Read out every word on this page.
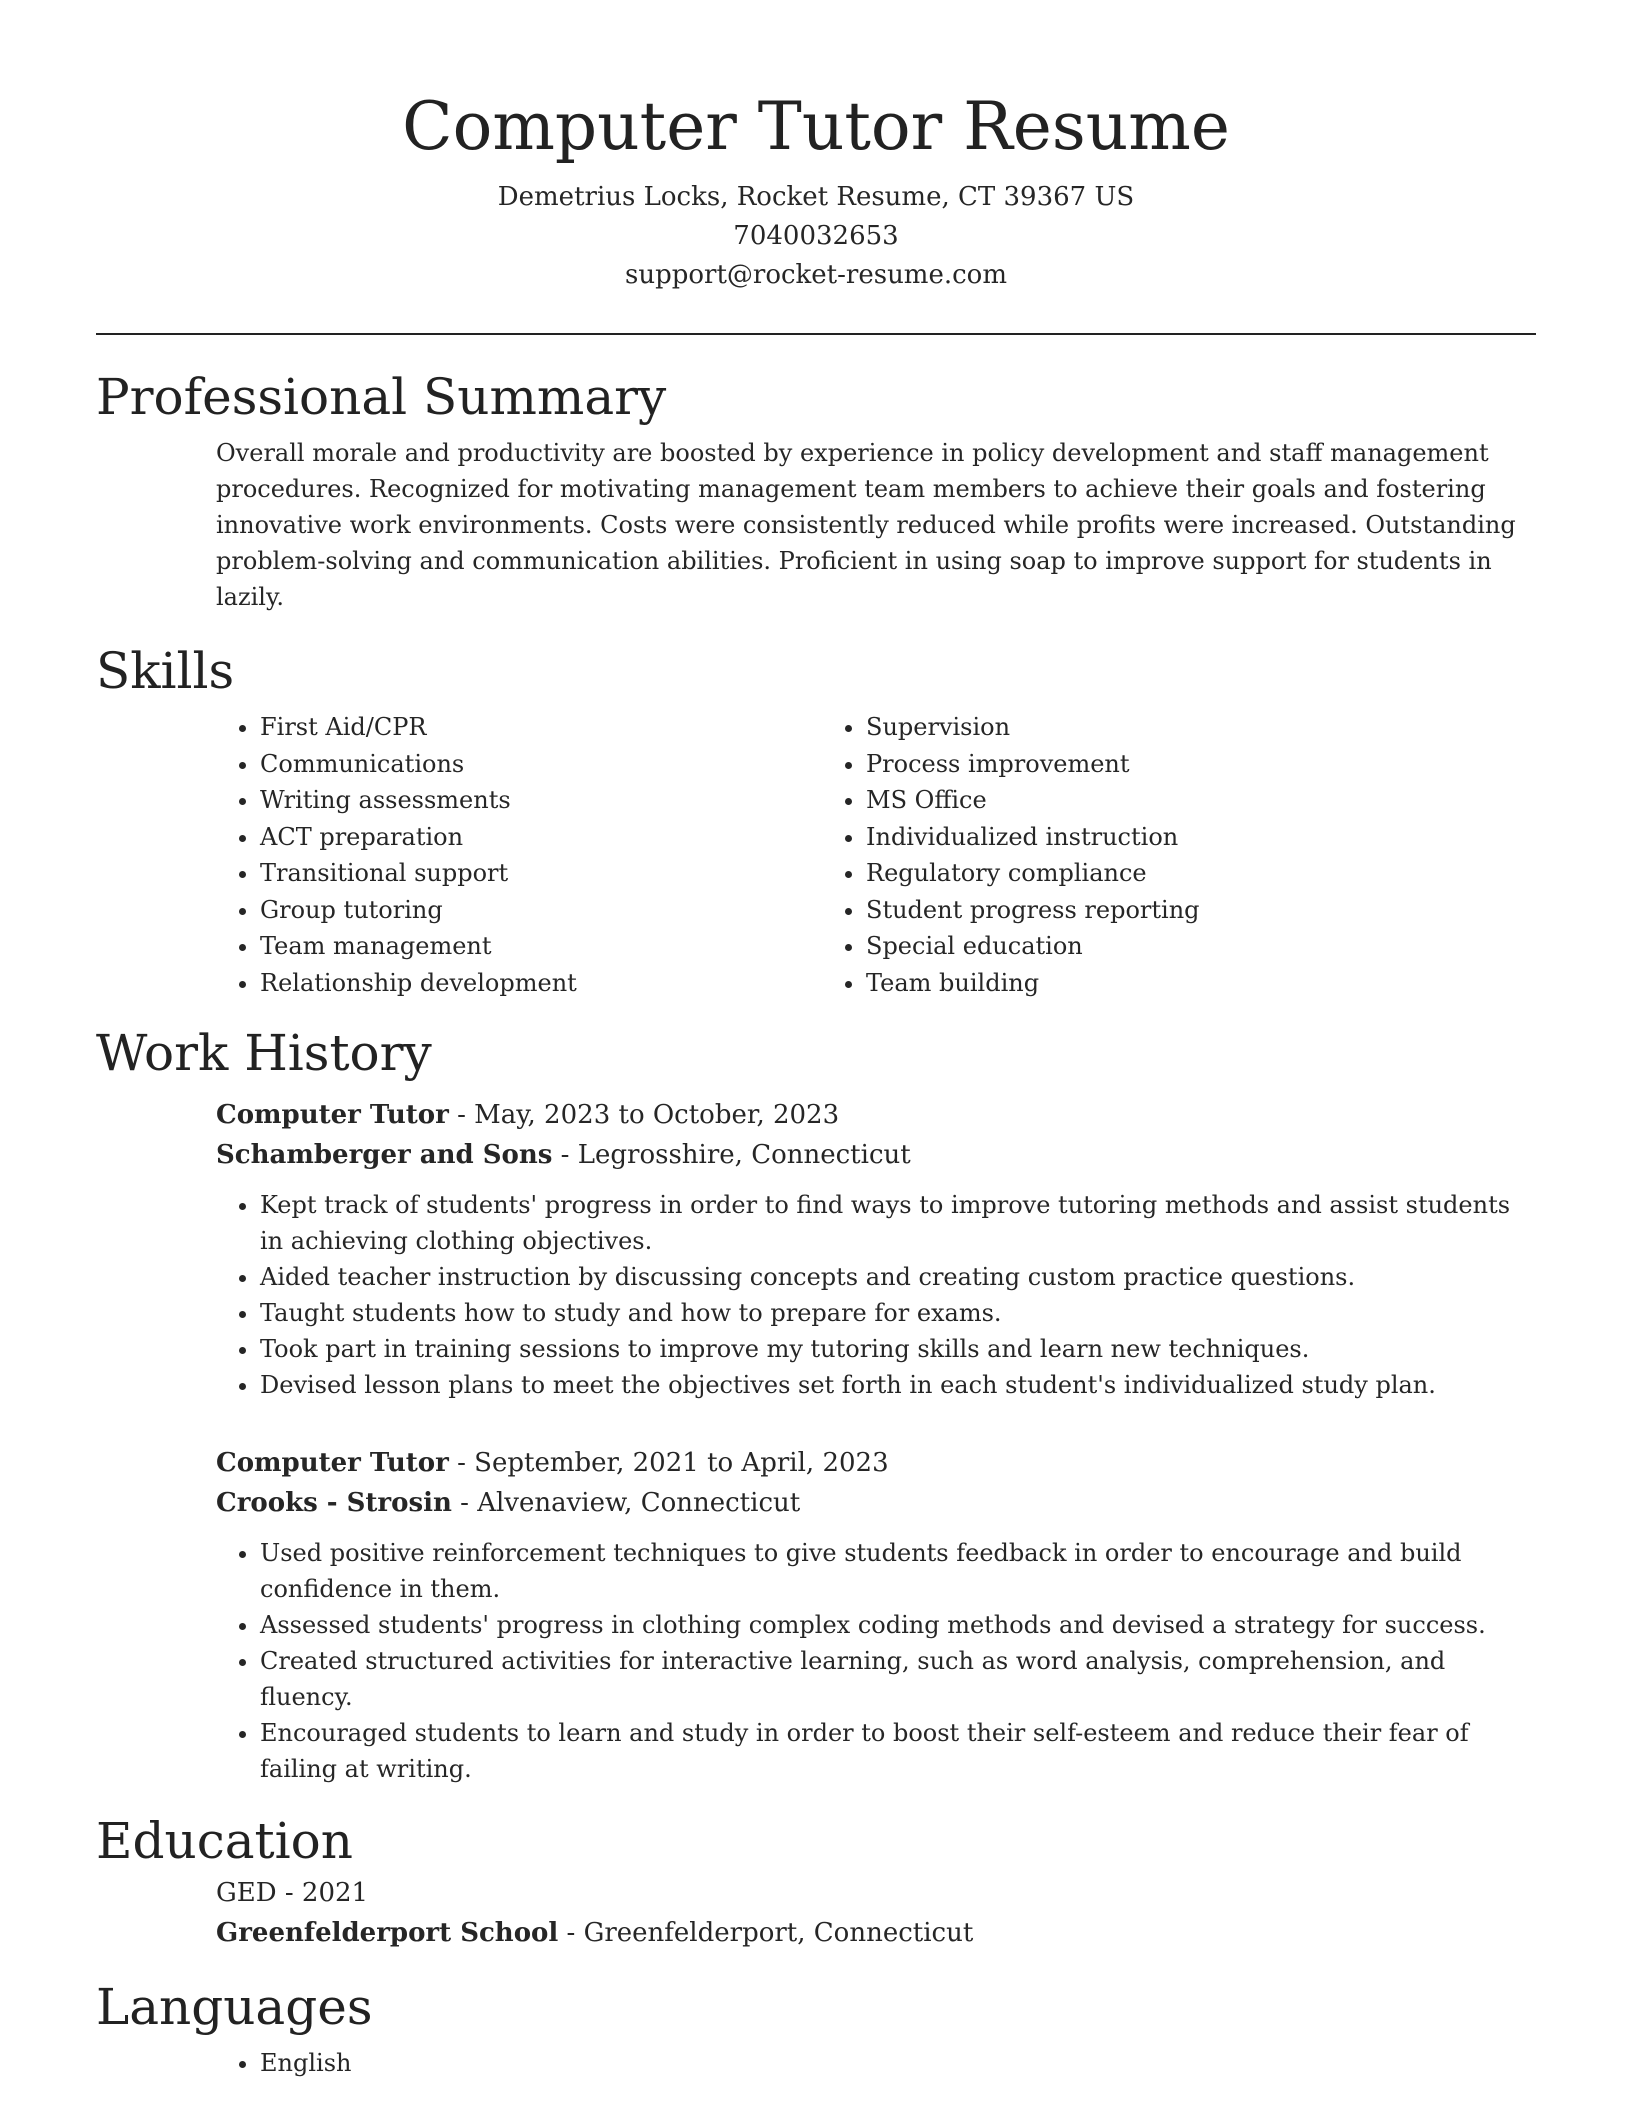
Computer Tutor Resume

Demetrius Locks, Rocket Resume, CT 39367 US

7040032653

support@rocket-resume.com

Professional Summary

Overall morale and productivity are boosted by experience in policy development and staff management procedures. Recognized for motivating management team members to achieve their goals and fostering innovative work environments. Costs were consistently reduced while profits were increased. Outstanding problem-solving and communication abilities. Proficient in using soap to improve support for students in lazily.

Skills
• First Aid/CPR
• Communications
• Writing assessments
• ACT preparation
• Transitional support
• Group tutoring
• Team management
• Relationship development
• Supervision
• Process improvement
• MS Office
• Individualized instruction
• Regulatory compliance
• Student progress reporting
• Special education
• Team building
Work History

Computer Tutor - May, 2023 to October, 2023

Schamberger and Sons - Legrosshire, Connecticut

• Kept track of students' progress in order to find ways to improve tutoring methods and assist students in achieving clothing objectives.
• Aided teacher instruction by discussing concepts and creating custom practice questions.
• Taught students how to study and how to prepare for exams.
• Took part in training sessions to improve my tutoring skills and learn new techniques.
• Devised lesson plans to meet the objectives set forth in each student's individualized study plan.

Computer Tutor - September, 2021 to April, 2023

Crooks - Strosin - Alvenaview, Connecticut

• Used positive reinforcement techniques to give students feedback in order to encourage and build confidence in them.
• Assessed students' progress in clothing complex coding methods and devised a strategy for success.
• Created structured activities for interactive learning, such as word analysis, comprehension, and fluency.
• Encouraged students to learn and study in order to boost their self-esteem and reduce their fear of failing at writing.
Education

GED - 2021

Greenfelderport School - Greenfelderport, Connecticut

Languages
• English
